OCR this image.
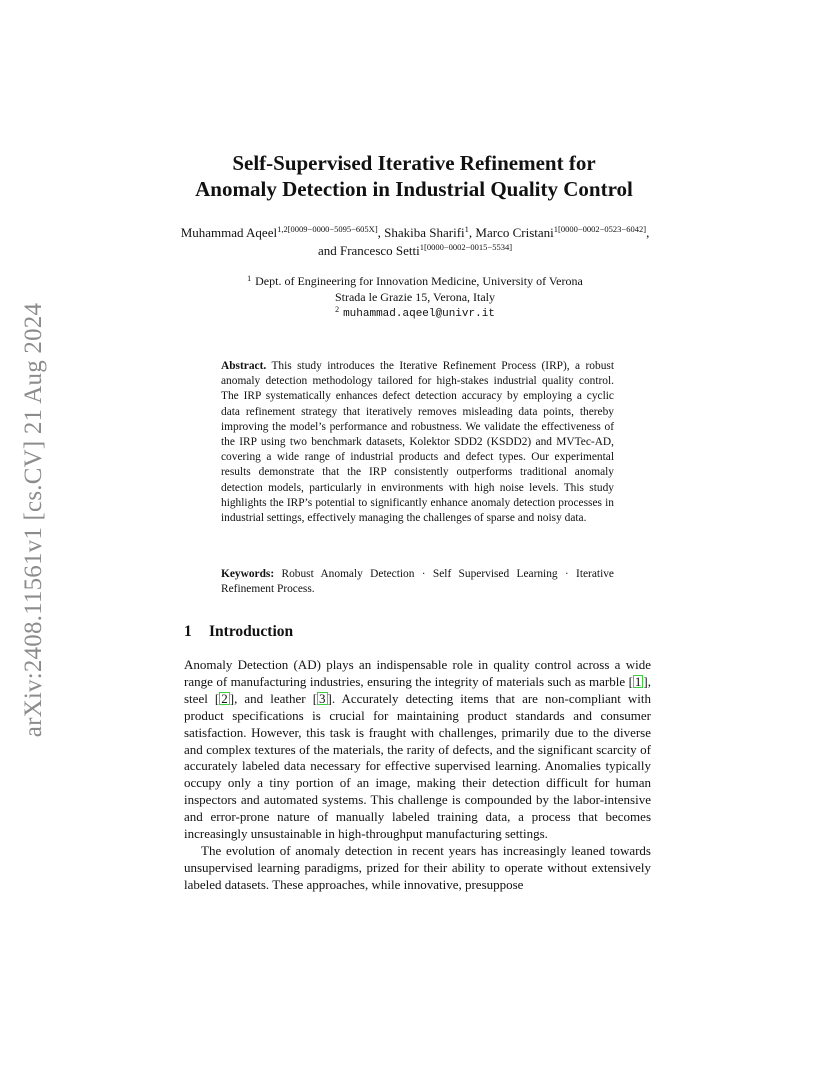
arXiv:2408.11561v1 [cs.CV] 21 Aug 2024
Self-Supervised Iterative Refinement for
Anomaly Detection in Industrial Quality Control
Muhammad Aqeel$^{1,2[0009-0000-5095-605X]}$, Shakiba Sharifi$^1$, Marco Cristani$^{1[0000-0002-0523-6042]}$, and Francesco Setti$^{1[0000-0002-0015-5534]}$
$^1$ Dept. of Engineering for Innovation Medicine, University of Verona
Strada le Grazie 15, Verona, Italy
$^2$ muhammad.aqeel@univr.it

Abstract. This study introduces the Iterative Refinement Process (IRP), a robust anomaly detection methodology tailored for high-stakes industrial quality control. The IRP systematically enhances defect detection accuracy by employing a cyclic data refinement strategy that iteratively removes misleading data points, thereby improving the model’s performance and robustness. We validate the effectiveness of the IRP using two benchmark datasets, Kolektor SDD2 (KSDD2) and MVTec-AD, covering a wide range of industrial products and defect types. Our experimental results demonstrate that the IRP consistently outperforms traditional anomaly detection models, particularly in environments with high noise levels. This study highlights the IRP’s potential to significantly enhance anomaly detection processes in industrial settings, effectively managing the challenges of sparse and noisy data.

Keywords: Robust Anomaly Detection · Self Supervised Learning · Iterative Refinement Process.

1 Introduction

Anomaly Detection (AD) plays an indispensable role in quality control across a wide range of manufacturing industries, ensuring the integrity of materials such as marble [ 1 ], steel [ 2 ], and leather [ 3 ]. Accurately detecting items that are non-compliant with product specifications is crucial for maintaining product standards and consumer satisfaction. However, this task is fraught with challenges, primarily due to the diverse and complex textures of the materials, the rarity of defects, and the significant scarcity of accurately labeled data necessary for effective supervised learning. Anomalies typically occupy only a tiny portion of an image, making their detection difficult for human inspectors and automated systems. This challenge is compounded by the labor-intensive and error-prone nature of manually labeled training data, a process that becomes increasingly unsustainable in high-throughput manufacturing settings.

The evolution of anomaly detection in recent years has increasingly leaned towards unsupervised learning paradigms, prized for their ability to operate without extensively labeled datasets. These approaches, while innovative, presuppose
